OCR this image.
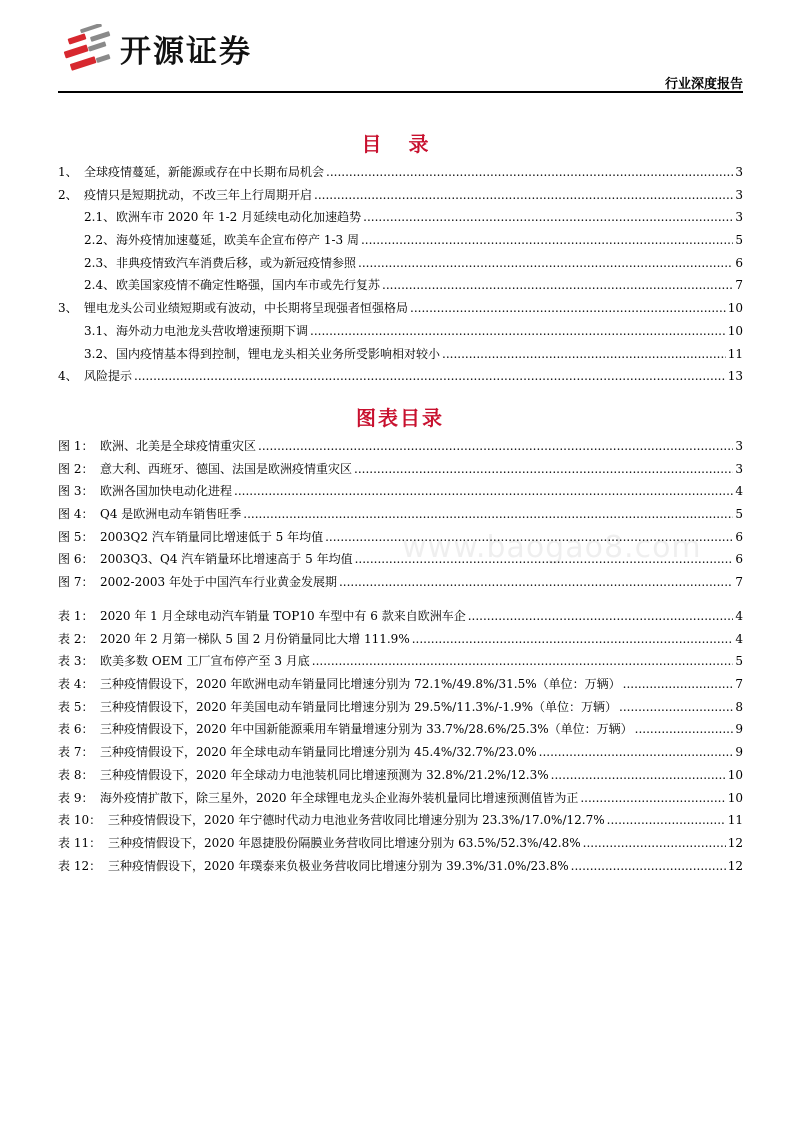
开源证券
行业深度报告
目 录
1、 全球疫情蔓延，新能源或存在中长期布局机会 .....	3
2、 疫情只是短期扰动，不改三年上行周期开启 .....	3
2.1、 欧洲车市 2020 年 1-2 月延续电动化加速趋势 .....	3
2.2、 海外疫情加速蔓延，欧美车企宣布停产 1-3 周 .....	5
2.3、 非典疫情致汽车消费后移，或为新冠疫情参照 .....	6
2.4、 欧美国家疫情不确定性略强，国内车市或先行复苏 .....	7
3、 锂电龙头公司业绩短期或有波动，中长期将呈现强者恒强格局 .....	10
3.1、 海外动力电池龙头营收增速预期下调 .....	10
3.2、 国内疫情基本得到控制，锂电龙头相关业务所受影响相对较小 .....	11
4、 风险提示 .....	13
图表目录
图 1： 欧洲、北美是全球疫情重灾区 .....	3
图 2： 意大利、西班牙、德国、法国是欧洲疫情重灾区 .....	3
图 3： 欧洲各国加快电动化进程 .....	4
图 4： Q4 是欧洲电动车销售旺季 .....	5
图 5： 2003Q2 汽车销量同比增速低于 5 年均值 .....	6
图 6： 2003Q3、Q4 汽车销量环比增速高于 5 年均值 .....	6
图 7： 2002-2003 年处于中国汽车行业黄金发展期 .....	7
表 1： 2020 年 1 月全球电动汽车销量 TOP10 车型中有 6 款来自欧洲车企 .....	4
表 2： 2020 年 2 月第一梯队 5 国 2 月份销量同比大增 111.9% .....	4
表 3： 欧美多数 OEM 工厂宣布停产至 3 月底 .....	5
表 4： 三种疫情假设下，2020 年欧洲电动车销量同比增速分别为 72.1%/49.8%/31.5%（单位：万辆） .....	7
表 5： 三种疫情假设下，2020 年美国电动车销量同比增速分别为 29.5%/11.3%/-1.9%（单位：万辆） .....	8
表 6： 三种疫情假设下，2020 年中国新能源乘用车销量增速分别为 33.7%/28.6%/25.3%（单位：万辆） .....	9
表 7： 三种疫情假设下，2020 年全球电动车销量同比增速分别为 45.4%/32.7%/23.0% .....	9
表 8： 三种疫情假设下，2020 年全球动力电池装机同比增速预测为 32.8%/21.2%/12.3% .....	10
表 9： 海外疫情扩散下，除三星外，2020 年全球锂电龙头企业海外装机量同比增速预测值皆为正 .....	10
表 10： 三种疫情假设下，2020 年宁德时代动力电池业务营收同比增速分别为 23.3%/17.0%/12.7% .....	11
表 11： 三种疫情假设下，2020 年恩捷股份隔膜业务营收同比增速分别为 63.5%/52.3%/42.8% .....	12
表 12： 三种疫情假设下，2020 年璞泰来负极业务营收同比增速分别为 39.3%/31.0%/23.8% .....	12
www.baogao8.com
